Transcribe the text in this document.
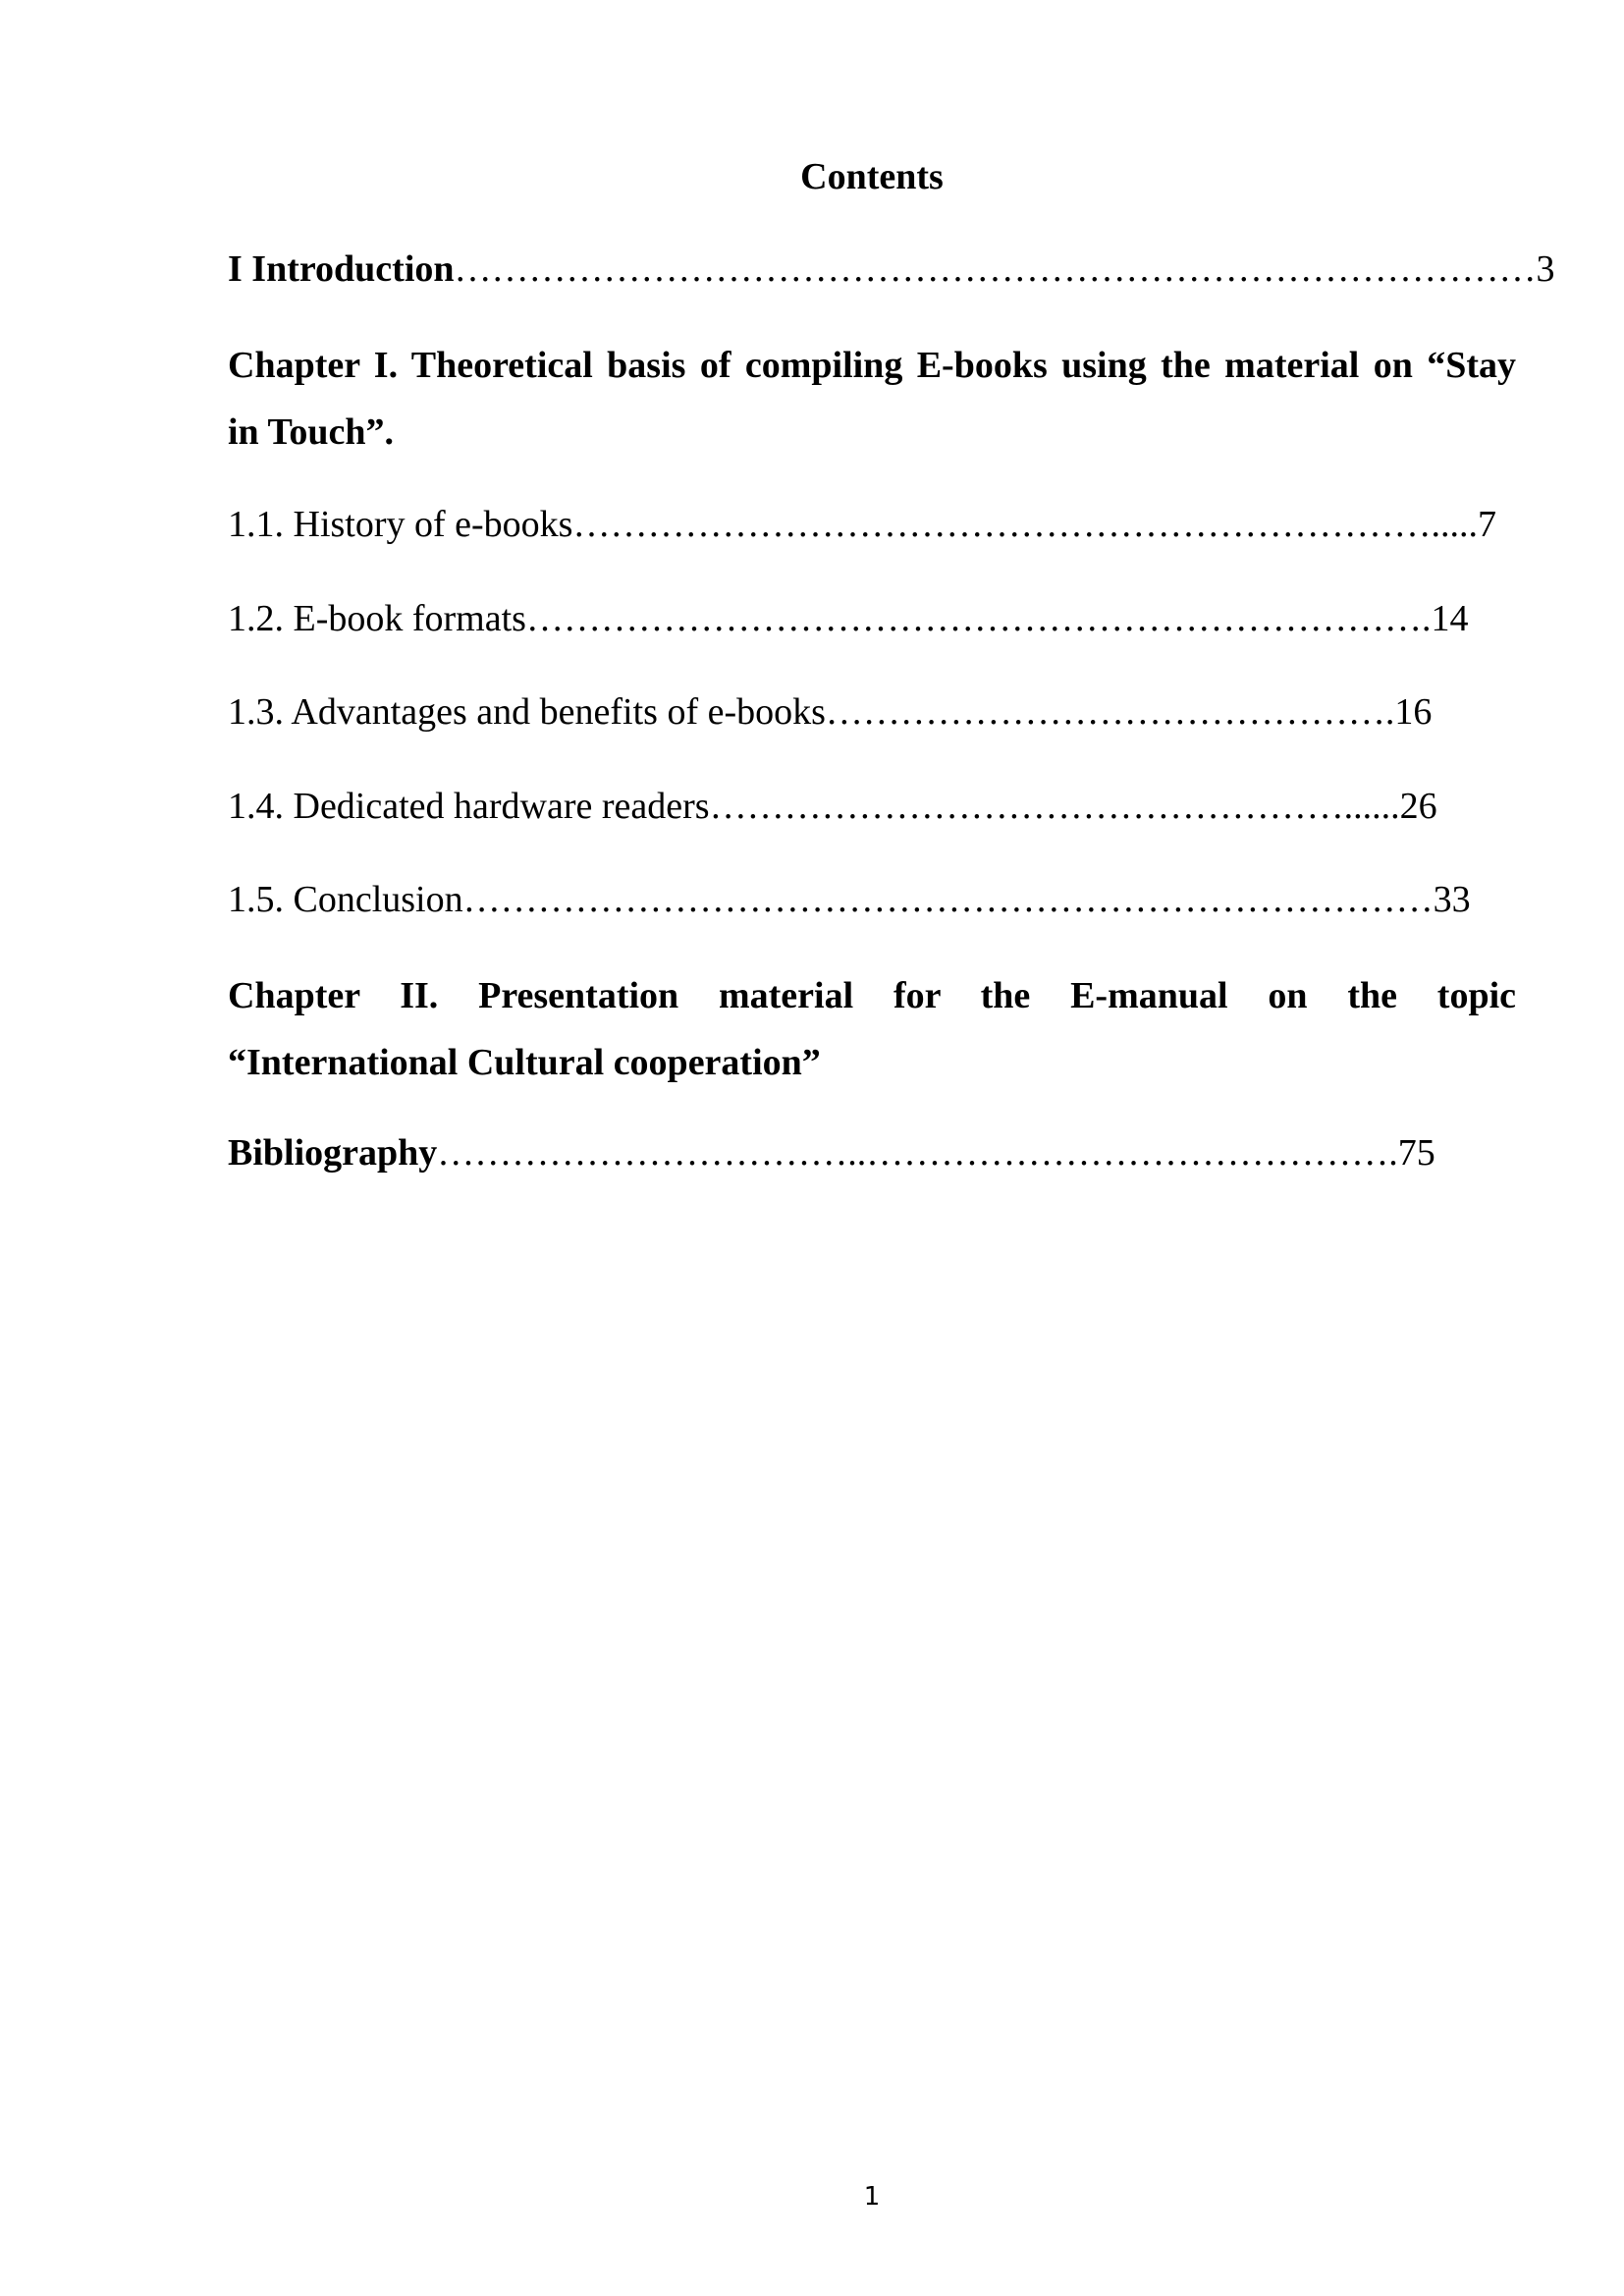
Contents
I Introduction……………………………………………………………………………3
Chapter I. Theoretical basis of compiling E-books using the material on “Stay
in Touch”.
1.1. History of e-books…………………………………………………………….....7
1.2. E-book formats……………………………………………………………….14
1.3. Advantages and benefits of e-books……………………………………….16
1.4. Dedicated hardware readers……………………………………………......26
1.5. Conclusion……………………………………………………………………33
Chapter II. Presentation material for the E-manual on the topic
“International Cultural cooperation”
Bibliography……………………………..…………………………………….75
1
